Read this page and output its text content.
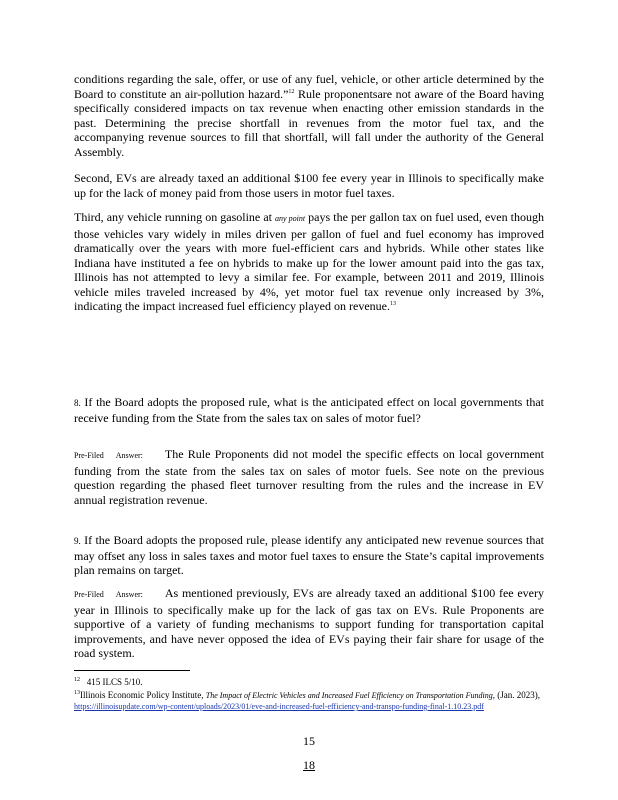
conditions regarding the sale, offer, or use of any fuel, vehicle, or other article determined by the Board to constitute an air-pollution hazard.”$^{12}$ Rule proponentsare not aware of the Board having specifically considered impacts on tax revenue when enacting other emission standards in the past. Determining the precise shortfall in revenues from the motor fuel tax, and the accompanying revenue sources to fill that shortfall, will fall under the authority of the General Assembly.

Second, EVs are already taxed an additional $100 fee every year in Illinois to specifically make up for the lack of money paid from those users in motor fuel taxes.

Third, any vehicle running on gasoline at any point pays the per gallon tax on fuel used, even though those vehicles vary widely in miles driven per gallon of fuel and fuel economy has improved dramatically over the years with more fuel-efficient cars and hybrids. While other states like Indiana have instituted a fee on hybrids to make up for the lower amount paid into the gas tax, Illinois has not attempted to levy a similar fee. For example, between 2011 and 2019, Illinois vehicle miles traveled increased by 4%, yet motor fuel tax revenue only increased by 3%, indicating the impact increased fuel efficiency played on revenue.$^{13}$

8. If the Board adopts the proposed rule, what is the anticipated effect on local governments that receive funding from the State from the sales tax on sales of motor fuel?

Pre-Filed Answer: The Rule Proponents did not model the specific effects on local government funding from the state from the sales tax on sales of motor fuels. See note on the previous question regarding the phased fleet turnover resulting from the rules and the increase in EV annual registration revenue.

9. If the Board adopts the proposed rule, please identify any anticipated new revenue sources that may offset any loss in sales taxes and motor fuel taxes to ensure the State’s capital improvements plan remains on target.

Pre-Filed Answer: As mentioned previously, EVs are already taxed an additional $100 fee every year in Illinois to specifically make up for the lack of gas tax on EVs. Rule Proponents are supportive of a variety of funding mechanisms to support funding for transportation capital improvements, and have never opposed the idea of EVs paying their fair share for usage of the road system.

$^{12}$ 415 ILCS 5/10.

$^{13}$Illinois Economic Policy Institute, The Impact of Electric Vehicles and Increased Fuel Efficiency on Transportation Funding, (Jan. 2023), https://illinoisupdate.com/wp-content/uploads/2023/01/eve-and-increased-fuel-efficiency-and-transpo-funding-final-1.10.23.pdf

15

18
